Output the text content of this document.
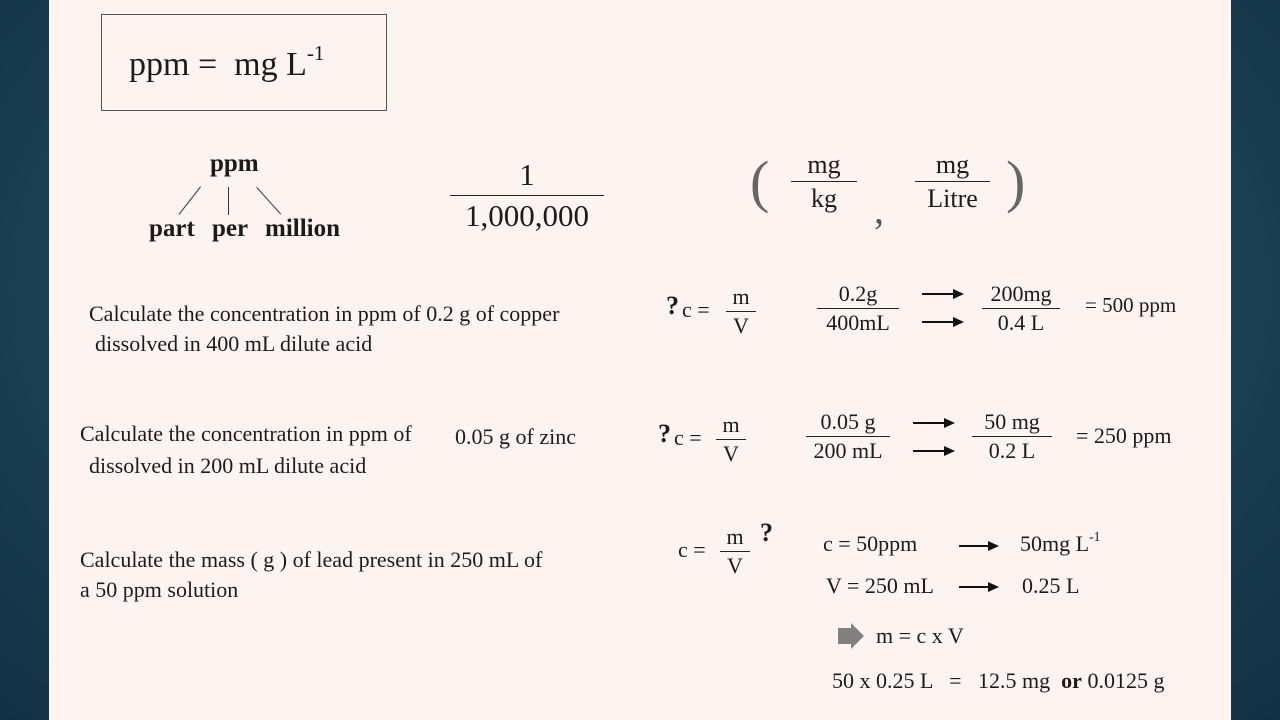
ppm = mg $L^{-1}$
ppm
part per million
1
1,000,000
(	mg
kg ,
mg
Litre )
Calculate the concentration in ppm of 0.2 g of copper
dissolved in 400 mL dilute acid
? c =
m
V
0.2g
400mL
200mg
0.4 L
= 500 ppm
Calculate the concentration in ppm of 0.05 g of zinc
dissolved in 200 mL dilute acid
? c =
m
V
0.05 g
200 mL
50 mg
0.2 L
= 250 ppm
Calculate the mass ( g ) of lead present in 250 mL of
a 50 ppm solution
c =
m
V
? c = 50ppm	50mg $L^{-1}$
V = 250 mL	0.25 L
m = c x V
50 x 0.25 L = 12.5 mg or 0.0125 g
